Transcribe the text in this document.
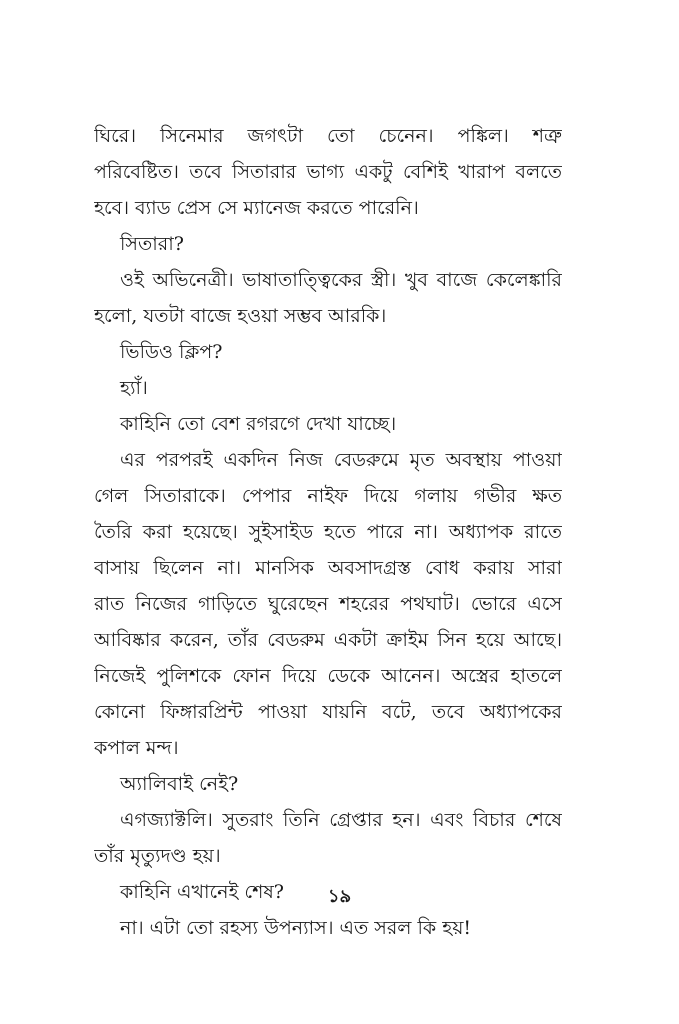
ঘিরে। সিনেমার জগৎটা তো চেনেন। পঙ্কিল। শত্রু
পরিবেষ্টিত। তবে সিতারার ভাগ্য একটু বেশিই খারাপ বলতে
হবে। ব্যাড প্রেস সে ম্যানেজ করতে পারেনি।
সিতারা?
ওই অভিনেত্রী। ভাষাতাত্ত্বিকের স্ত্রী। খুব বাজে কেলেঙ্কারি
হলো, যতটা বাজে হওয়া সম্ভব আরকি।
ভিডিও ক্লিপ?
হ্যাঁ।
কাহিনি তো বেশ রগরগে দেখা যাচ্ছে।
এর পরপরই একদিন নিজ বেডরুমে মৃত অবস্থায় পাওয়া
গেল সিতারাকে। পেপার নাইফ দিয়ে গলায় গভীর ক্ষত
তৈরি করা হয়েছে। সুইসাইড হতে পারে না। অধ্যাপক রাতে
বাসায় ছিলেন না। মানসিক অবসাদগ্রস্ত বোধ করায় সারা
রাত নিজের গাড়িতে ঘুরেছেন শহরের পথঘাট। ভোরে এসে
আবিষ্কার করেন, তাঁর বেডরুম একটা ক্রাইম সিন হয়ে আছে।
নিজেই পুলিশকে ফোন দিয়ে ডেকে আনেন। অস্ত্রের হাতলে
কোনো ফিঙ্গারপ্রিন্ট পাওয়া যায়নি বটে, তবে অধ্যাপকের
কপাল মন্দ।
অ্যালিবাই নেই?
এগজ্যাক্টলি। সুতরাং তিনি গ্রেপ্তার হন। এবং বিচার শেষে
তাঁর মৃত্যুদণ্ড হয়।
কাহিনি এখানেই শেষ?
না। এটা তো রহস্য উপন্যাস। এত সরল কি হয়!
১৯
